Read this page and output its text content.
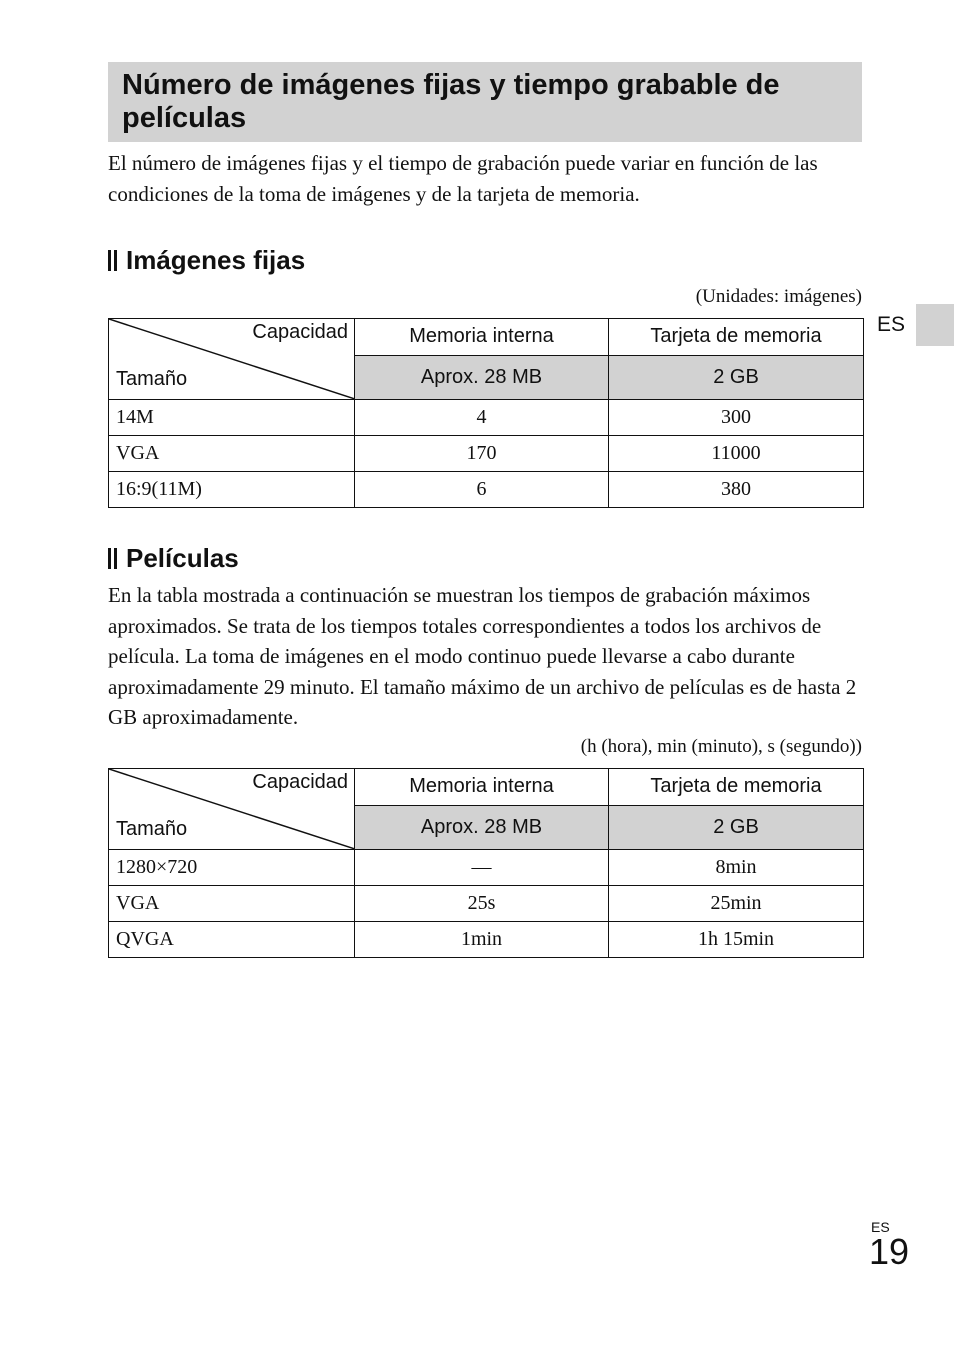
Número de imágenes fijas y tiempo grabable de películas

El número de imágenes fijas y el tiempo de grabación puede variar en función de las condiciones de la toma de imágenes y de la tarjeta de memoria.

ES
Imágenes fijas
(Unidades: imágenes)
Capacidad
Tamaño	Memoria interna	Tarjeta de memoria
	Aprox. 28 MB	2 GB
14M	4	300
VGA	170	11000
16:9(11M)	6	380
Películas

En la tabla mostrada a continuación se muestran los tiempos de grabación máximos aproximados. Se trata de los tiempos totales correspondientes a todos los archivos de película. La toma de imágenes en el modo continuo puede llevarse a cabo durante aproximadamente 29 minuto. El tamaño máximo de un archivo de películas es de hasta 2 GB aproximadamente.

(h (hora), min (minuto), s (segundo))
Capacidad
Tamaño	Memoria interna	Tarjeta de memoria
	Aprox. 28 MB	2 GB
1280×720	—	8min
VGA	25s	25min
QVGA	1min	1h 15min
ES
19
